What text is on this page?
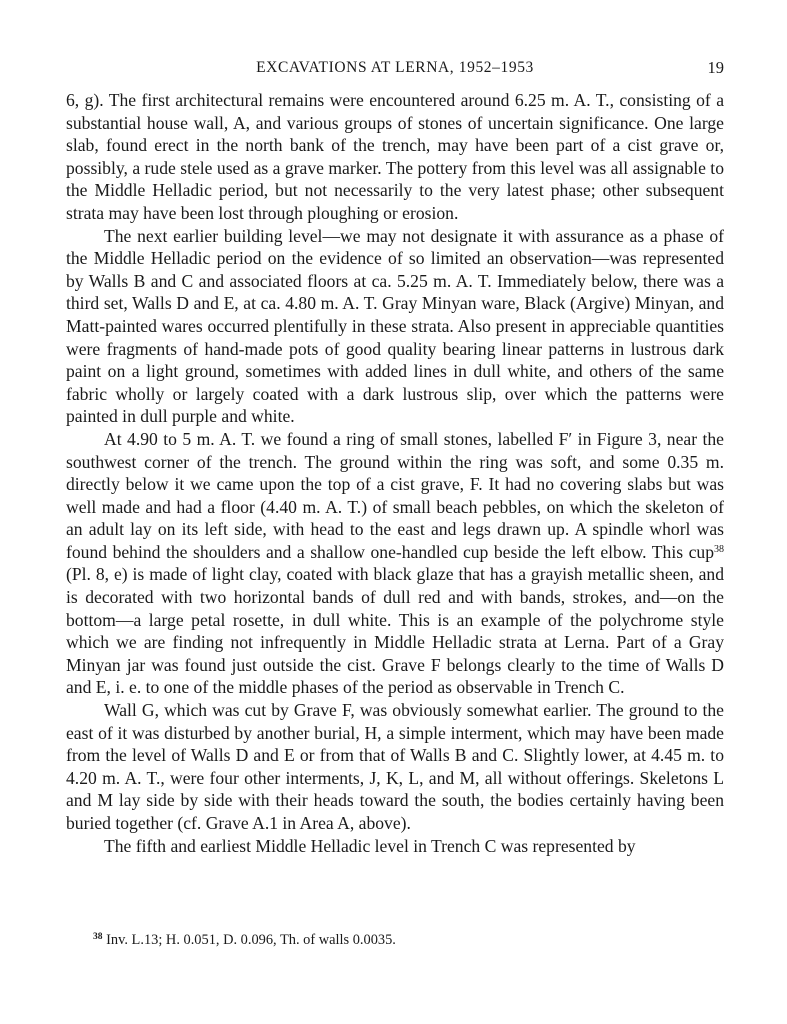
EXCAVATIONS AT LERNA, 1952–1953	19

6, g). The first architectural remains were encountered around 6.25 m. A. T., consisting of a substantial house wall, A, and various groups of stones of uncertain significance. One large slab, found erect in the north bank of the trench, may have been part of a cist grave or, possibly, a rude stele used as a grave marker. The pottery from this level was all assignable to the Middle Helladic period, but not necessarily to the very latest phase; other subsequent strata may have been lost through ploughing or erosion.

The next earlier building level—we may not designate it with assurance as a phase of the Middle Helladic period on the evidence of so limited an observation—was represented by Walls B and C and associated floors at ca. 5.25 m. A. T. Immediately below, there was a third set, Walls D and E, at ca. 4.80 m. A. T. Gray Minyan ware, Black (Argive) Minyan, and Matt-painted wares occurred plentifully in these strata. Also present in appreciable quantities were fragments of hand-made pots of good quality bearing linear patterns in lustrous dark paint on a light ground, sometimes with added lines in dull white, and others of the same fabric wholly or largely coated with a dark lustrous slip, over which the patterns were painted in dull purple and white.

At 4.90 to 5 m. A. T. we found a ring of small stones, labelled F′ in Figure 3, near the southwest corner of the trench. The ground within the ring was soft, and some 0.35 m. directly below it we came upon the top of a cist grave, F. It had no covering slabs but was well made and had a floor (4.40 m. A. T.) of small beach pebbles, on which the skeleton of an adult lay on its left side, with head to the east and legs drawn up. A spindle whorl was found behind the shoulders and a shallow one-handled cup beside the left elbow. This cup$^{38}$ (Pl. 8, e) is made of light clay, coated with black glaze that has a grayish metallic sheen, and is decorated with two horizontal bands of dull red and with bands, strokes, and—on the bottom—a large petal rosette, in dull white. This is an example of the polychrome style which we are finding not infrequently in Middle Helladic strata at Lerna. Part of a Gray Minyan jar was found just outside the cist. Grave F belongs clearly to the time of Walls D and E, i. e. to one of the middle phases of the period as observable in Trench C.

Wall G, which was cut by Grave F, was obviously somewhat earlier. The ground to the east of it was disturbed by another burial, H, a simple interment, which may have been made from the level of Walls D and E or from that of Walls B and C. Slightly lower, at 4.45 m. to 4.20 m. A. T., were four other interments, J, K, L, and M, all without offerings. Skeletons L and M lay side by side with their heads toward the south, the bodies certainly having been buried together (cf. Grave A.1 in Area A, above).

The fifth and earliest Middle Helladic level in Trench C was represented by

$^{38}$ Inv. L.13; H. 0.051, D. 0.096, Th. of walls 0.0035.
